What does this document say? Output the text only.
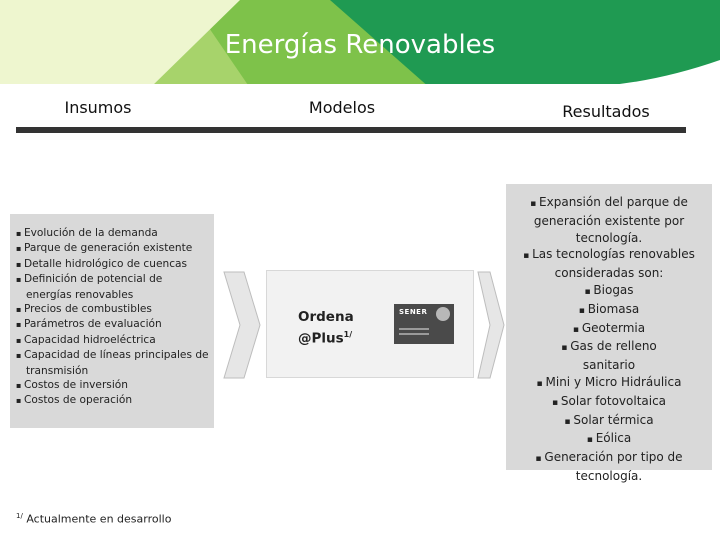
Energías Renovables
Insumos	Modelos	Resultados
▪ Evolución de la demanda
▪ Parque de generación existente
▪ Detalle hidrológico de cuencas
▪ Definición de potencial de energías renovables
▪ Precios de combustibles
▪ Parámetros de evaluación
▪ Capacidad hidroeléctrica
▪ Capacidad de líneas principales de transmisión
▪ Costos de inversión
▪ Costos de operación
Ordena
@Plus$^{1/}$
SENER
▪ Expansión del parque de
generación existente por
tecnología.
▪ Las tecnologías renovables
consideradas son:
▪ Biogas
▪ Biomasa
▪ Geotermia
▪ Gas de relleno
sanitario
▪ Mini y Micro Hidráulica
▪ Solar fotovoltaica
▪ Solar térmica
▪ Eólica
▪ Generación por tipo de
tecnología.
$^{1/}$ Actualmente en desarrollo
